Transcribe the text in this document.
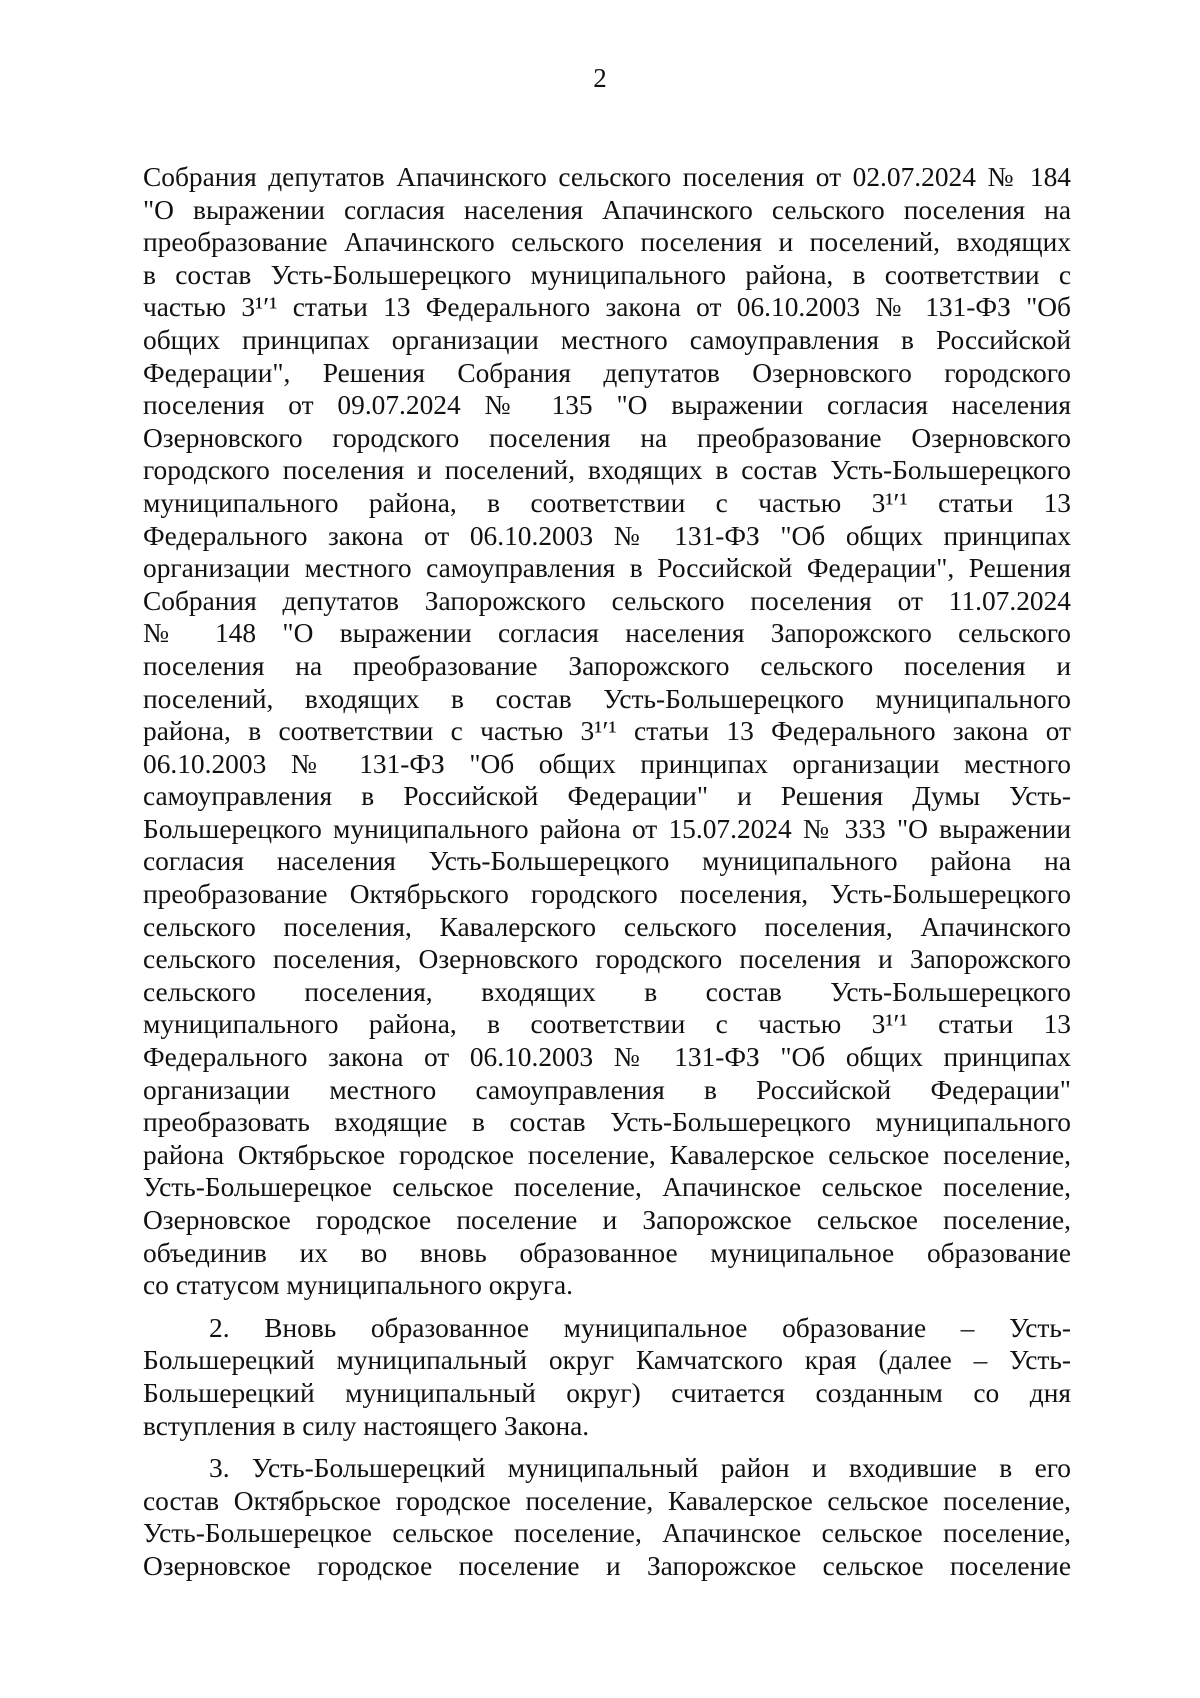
2
Собрания депутатов Апачинского сельского поселения от 02.07.2024 № 184
"О выражении согласия населения Апачинского сельского поселения на
преобразование Апачинского сельского поселения и поселений, входящих
в состав Усть-Большерецкого муниципального района, в соответствии с
частью 3¹ʹ¹ статьи 13 Федерального закона от 06.10.2003 № 131-ФЗ "Об
общих принципах организации местного самоуправления в Российской
Федерации", Решения Собрания депутатов Озерновского городского
поселения от 09.07.2024 № 135 "О выражении согласия населения
Озерновского городского поселения на преобразование Озерновского
городского поселения и поселений, входящих в состав Усть-Большерецкого
муниципального района, в соответствии с частью 3¹ʹ¹ статьи 13
Федерального закона от 06.10.2003 № 131-ФЗ "Об общих принципах
организации местного самоуправления в Российской Федерации", Решения
Собрания депутатов Запорожского сельского поселения от 11.07.2024
№ 148 "О выражении согласия населения Запорожского сельского
поселения на преобразование Запорожского сельского поселения и
поселений, входящих в состав Усть-Большерецкого муниципального
района, в соответствии с частью 3¹ʹ¹ статьи 13 Федерального закона от
06.10.2003 № 131-ФЗ "Об общих принципах организации местного
самоуправления в Российской Федерации" и Решения Думы Усть-
Большерецкого муниципального района от 15.07.2024 № 333 "О выражении
согласия населения Усть-Большерецкого муниципального района на
преобразование Октябрьского городского поселения, Усть-Большерецкого
сельского поселения, Кавалерского сельского поселения, Апачинского
сельского поселения, Озерновского городского поселения и Запорожского
сельского поселения, входящих в состав Усть-Большерецкого
муниципального района, в соответствии с частью 3¹ʹ¹ статьи 13
Федерального закона от 06.10.2003 № 131-ФЗ "Об общих принципах
организации местного самоуправления в Российской Федерации"
преобразовать входящие в состав Усть-Большерецкого муниципального
района Октябрьское городское поселение, Кавалерское сельское поселение,
Усть-Большерецкое сельское поселение, Апачинское сельское поселение,
Озерновское городское поселение и Запорожское сельское поселение,
объединив их во вновь образованное муниципальное образование
со статусом муниципального округа.
2. Вновь образованное муниципальное образование – Усть-
Большерецкий муниципальный округ Камчатского края (далее – Усть-
Большерецкий муниципальный округ) считается созданным со дня
вступления в силу настоящего Закона.
3. Усть-Большерецкий муниципальный район и входившие в его
состав Октябрьское городское поселение, Кавалерское сельское поселение,
Усть-Большерецкое сельское поселение, Апачинское сельское поселение,
Озерновское городское поселение и Запорожское сельское поселение
